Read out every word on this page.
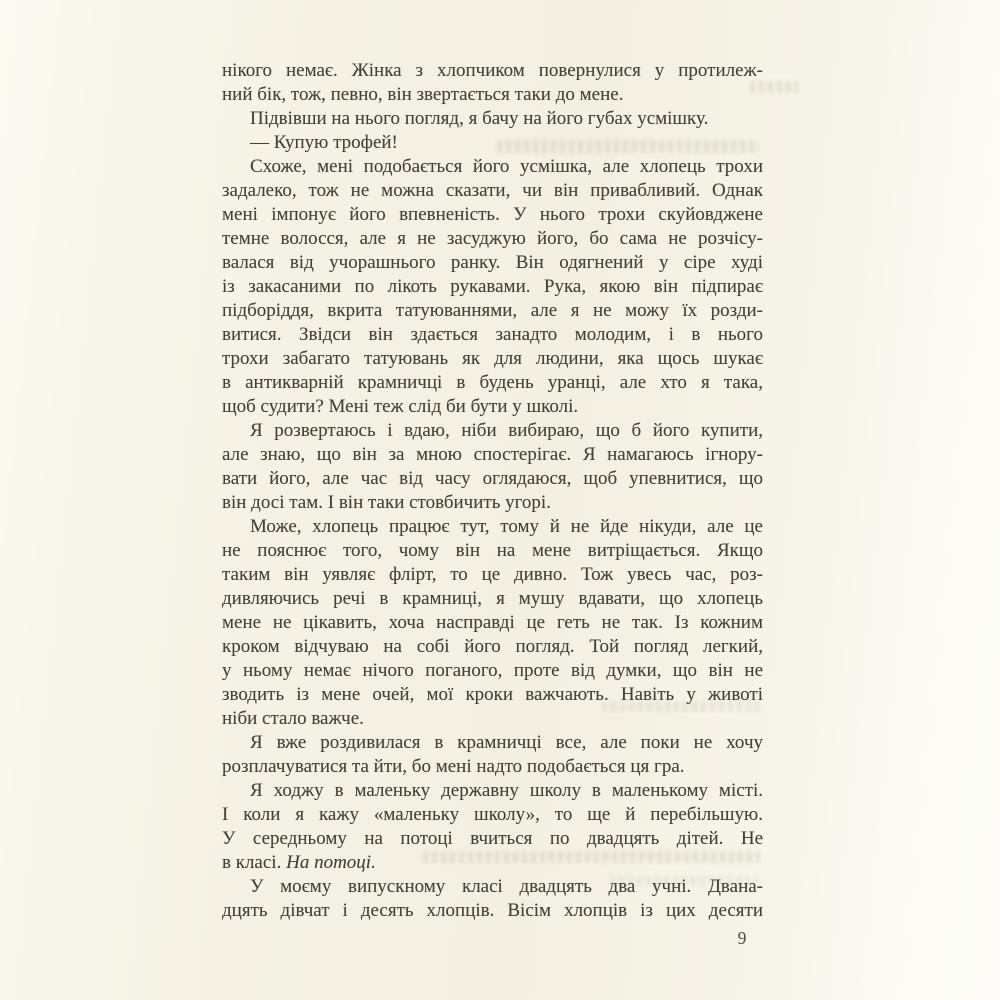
нікого немає. Жінка з хлопчиком повернулися у протилеж-
ний бік, тож, певно, він звертається таки до мене.
Підвівши на нього погляд, я бачу на його губах усмішку.
— Купую трофей!
Схоже, мені подобається його усмішка, але хлопець трохи
задалеко, тож не можна сказати, чи він привабливий. Однак
мені імпонує його впевненість. У нього трохи скуйовджене
темне волосся, але я не засуджую його, бо сама не розчісу-
валася від учорашнього ранку. Він одягнений у сіре худі
із закасаними по лікоть рукавами. Рука, якою він підпирає
підборіддя, вкрита татуюваннями, але я не можу їх розди-
витися. Звідси він здається занадто молодим, і в нього
трохи забагато татуювань як для людини, яка щось шукає
в антикварній крамничці в будень уранці, але хто я така,
щоб судити? Мені теж слід би бути у школі.
Я розвертаюсь і вдаю, ніби вибираю, що б його купити,
але знаю, що він за мною спостерігає. Я намагаюсь ігнору-
вати його, але час від часу оглядаюся, щоб упевнитися, що
він досі там. І він таки стовбичить угорі.
Може, хлопець працює тут, тому й не йде нікуди, але це
не пояснює того, чому він на мене витріщається. Якщо
таким він уявляє флірт, то це дивно. Тож увесь час, роз-
дивляючись речі в крамниці, я мушу вдавати, що хлопець
мене не цікавить, хоча насправді це геть не так. Із кожним
кроком відчуваю на собі його погляд. Той погляд легкий,
у ньому немає нічого поганого, проте від думки, що він не
зводить із мене очей, мої кроки важчають. Навіть у животі
ніби стало важче.
Я вже роздивилася в крамничці все, але поки не хочу
розплачуватися та йти, бо мені надто подобається ця гра.
Я ходжу в маленьку державну школу в маленькому місті.
І коли я кажу «маленьку школу», то ще й перебільшую.
У середньому на потоці вчиться по двадцять дітей. Не
в класі. На потоці.
У моєму випускному класі двадцять два учні. Двана-
дцять дівчат і десять хлопців. Вісім хлопців із цих десяти
9
